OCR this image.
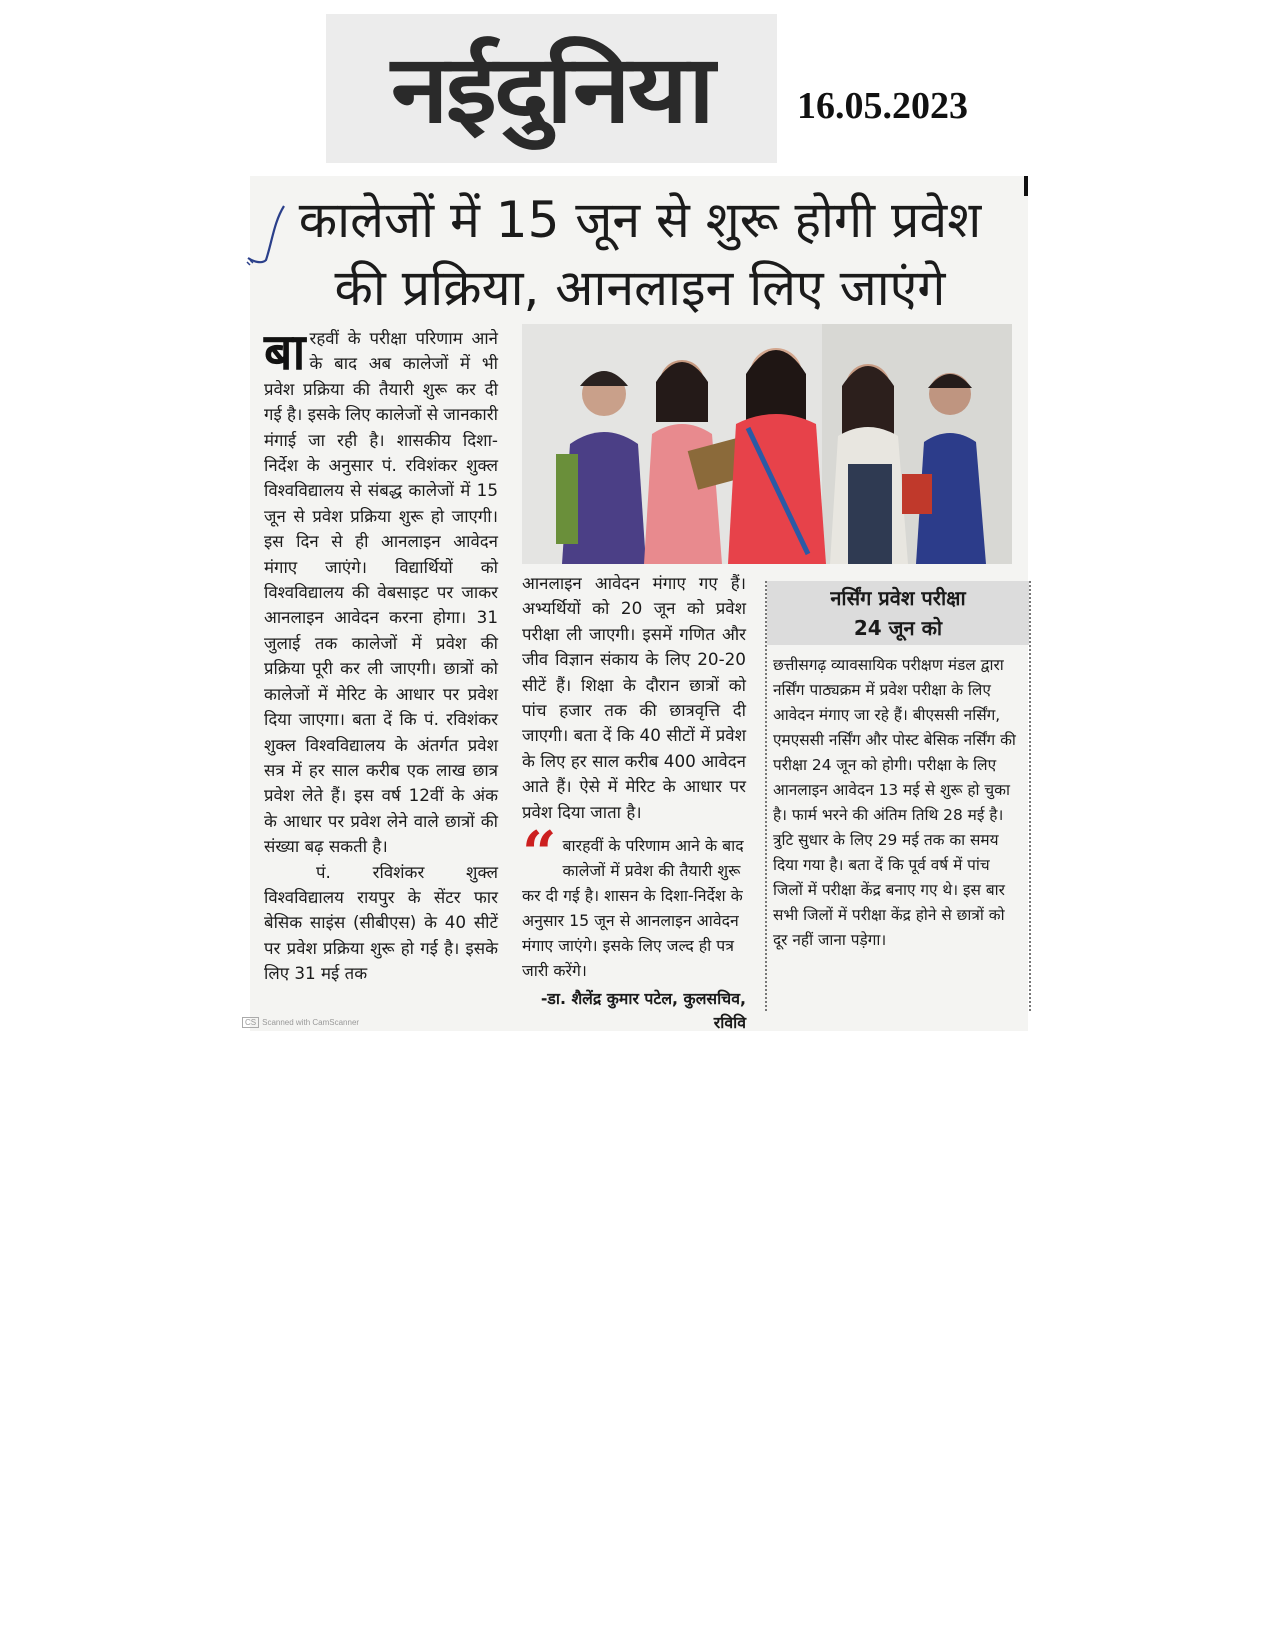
नईदुनिया 16.05.2023
कालेजों में 15 जून से शुरू होगी प्रवेश की प्रक्रिया, आनलाइन लिए जाएंगे

बारहवीं के परीक्षा परिणाम आने के बाद अब कालेजों में भी प्रवेश प्रक्रिया की तैयारी शुरू कर दी गई है। इसके लिए कालेजों से जानकारी मंगाई जा रही है। शासकीय दिशा-निर्देश के अनुसार पं. रविशंकर शुक्ल विश्वविद्यालय से संबद्ध कालेजों में 15 जून से प्रवेश प्रक्रिया शुरू हो जाएगी। इस दिन से ही आनलाइन आवेदन मंगाए जाएंगे। विद्यार्थियों को विश्वविद्यालय की वेबसाइट पर जाकर आनलाइन आवेदन करना होगा। 31 जुलाई तक कालेजों में प्रवेश की प्रक्रिया पूरी कर ली जाएगी। छात्रों को कालेजों में मेरिट के आधार पर प्रवेश दिया जाएगा। बता दें कि पं. रविशंकर शुक्ल विश्वविद्यालय के अंतर्गत प्रवेश सत्र में हर साल करीब एक लाख छात्र प्रवेश लेते हैं। इस वर्ष 12वीं के अंक के आधार पर प्रवेश लेने वाले छात्रों की संख्या बढ़ सकती है।

पं. रविशंकर शुक्ल विश्वविद्यालय रायपुर के सेंटर फार बेसिक साइंस (सीबीएस) के 40 सीटें पर प्रवेश प्रक्रिया शुरू हो गई है। इसके लिए 31 मई तक

आनलाइन आवेदन मंगाए गए हैं। अभ्यर्थियों को 20 जून को प्रवेश परीक्षा ली जाएगी। इसमें गणित और जीव विज्ञान संकाय के लिए 20-20 सीटें हैं। शिक्षा के दौरान छात्रों को पांच हजार तक की छात्रवृत्ति दी जाएगी। बता दें कि 40 सीटों में प्रवेश के लिए हर साल करीब 400 आवेदन आते हैं। ऐसे में मेरिट के आधार पर प्रवेश दिया जाता है।

“ बारहवीं के परिणाम आने के बाद कालेजों में प्रवेश की तैयारी शुरू कर दी गई है। शासन के दिशा-निर्देश के अनुसार 15 जून से आनलाइन आवेदन मंगाए जाएंगे। इसके लिए जल्द ही पत्र जारी करेंगे।
-डा. शैलेंद्र कुमार पटेल, कुलसचिव, रविवि
नर्सिंग प्रवेश परीक्षा
24 जून को

छत्तीसगढ़ व्यावसायिक परीक्षण मंडल द्वारा नर्सिंग पाठ्यक्रम में प्रवेश परीक्षा के लिए आवेदन मंगाए जा रहे हैं। बीएससी नर्सिंग, एमएससी नर्सिंग और पोस्ट बेसिक नर्सिंग की परीक्षा 24 जून को होगी। परीक्षा के लिए आनलाइन आवेदन 13 मई से शुरू हो चुका है। फार्म भरने की अंतिम तिथि 28 मई है। त्रुटि सुधार के लिए 29 मई तक का समय दिया गया है। बता दें कि पूर्व वर्ष में पांच जिलों में परीक्षा केंद्र बनाए गए थे। इस बार सभी जिलों में परीक्षा केंद्र होने से छात्रों को दूर नहीं जाना पड़ेगा।

CS Scanned with CamScanner
